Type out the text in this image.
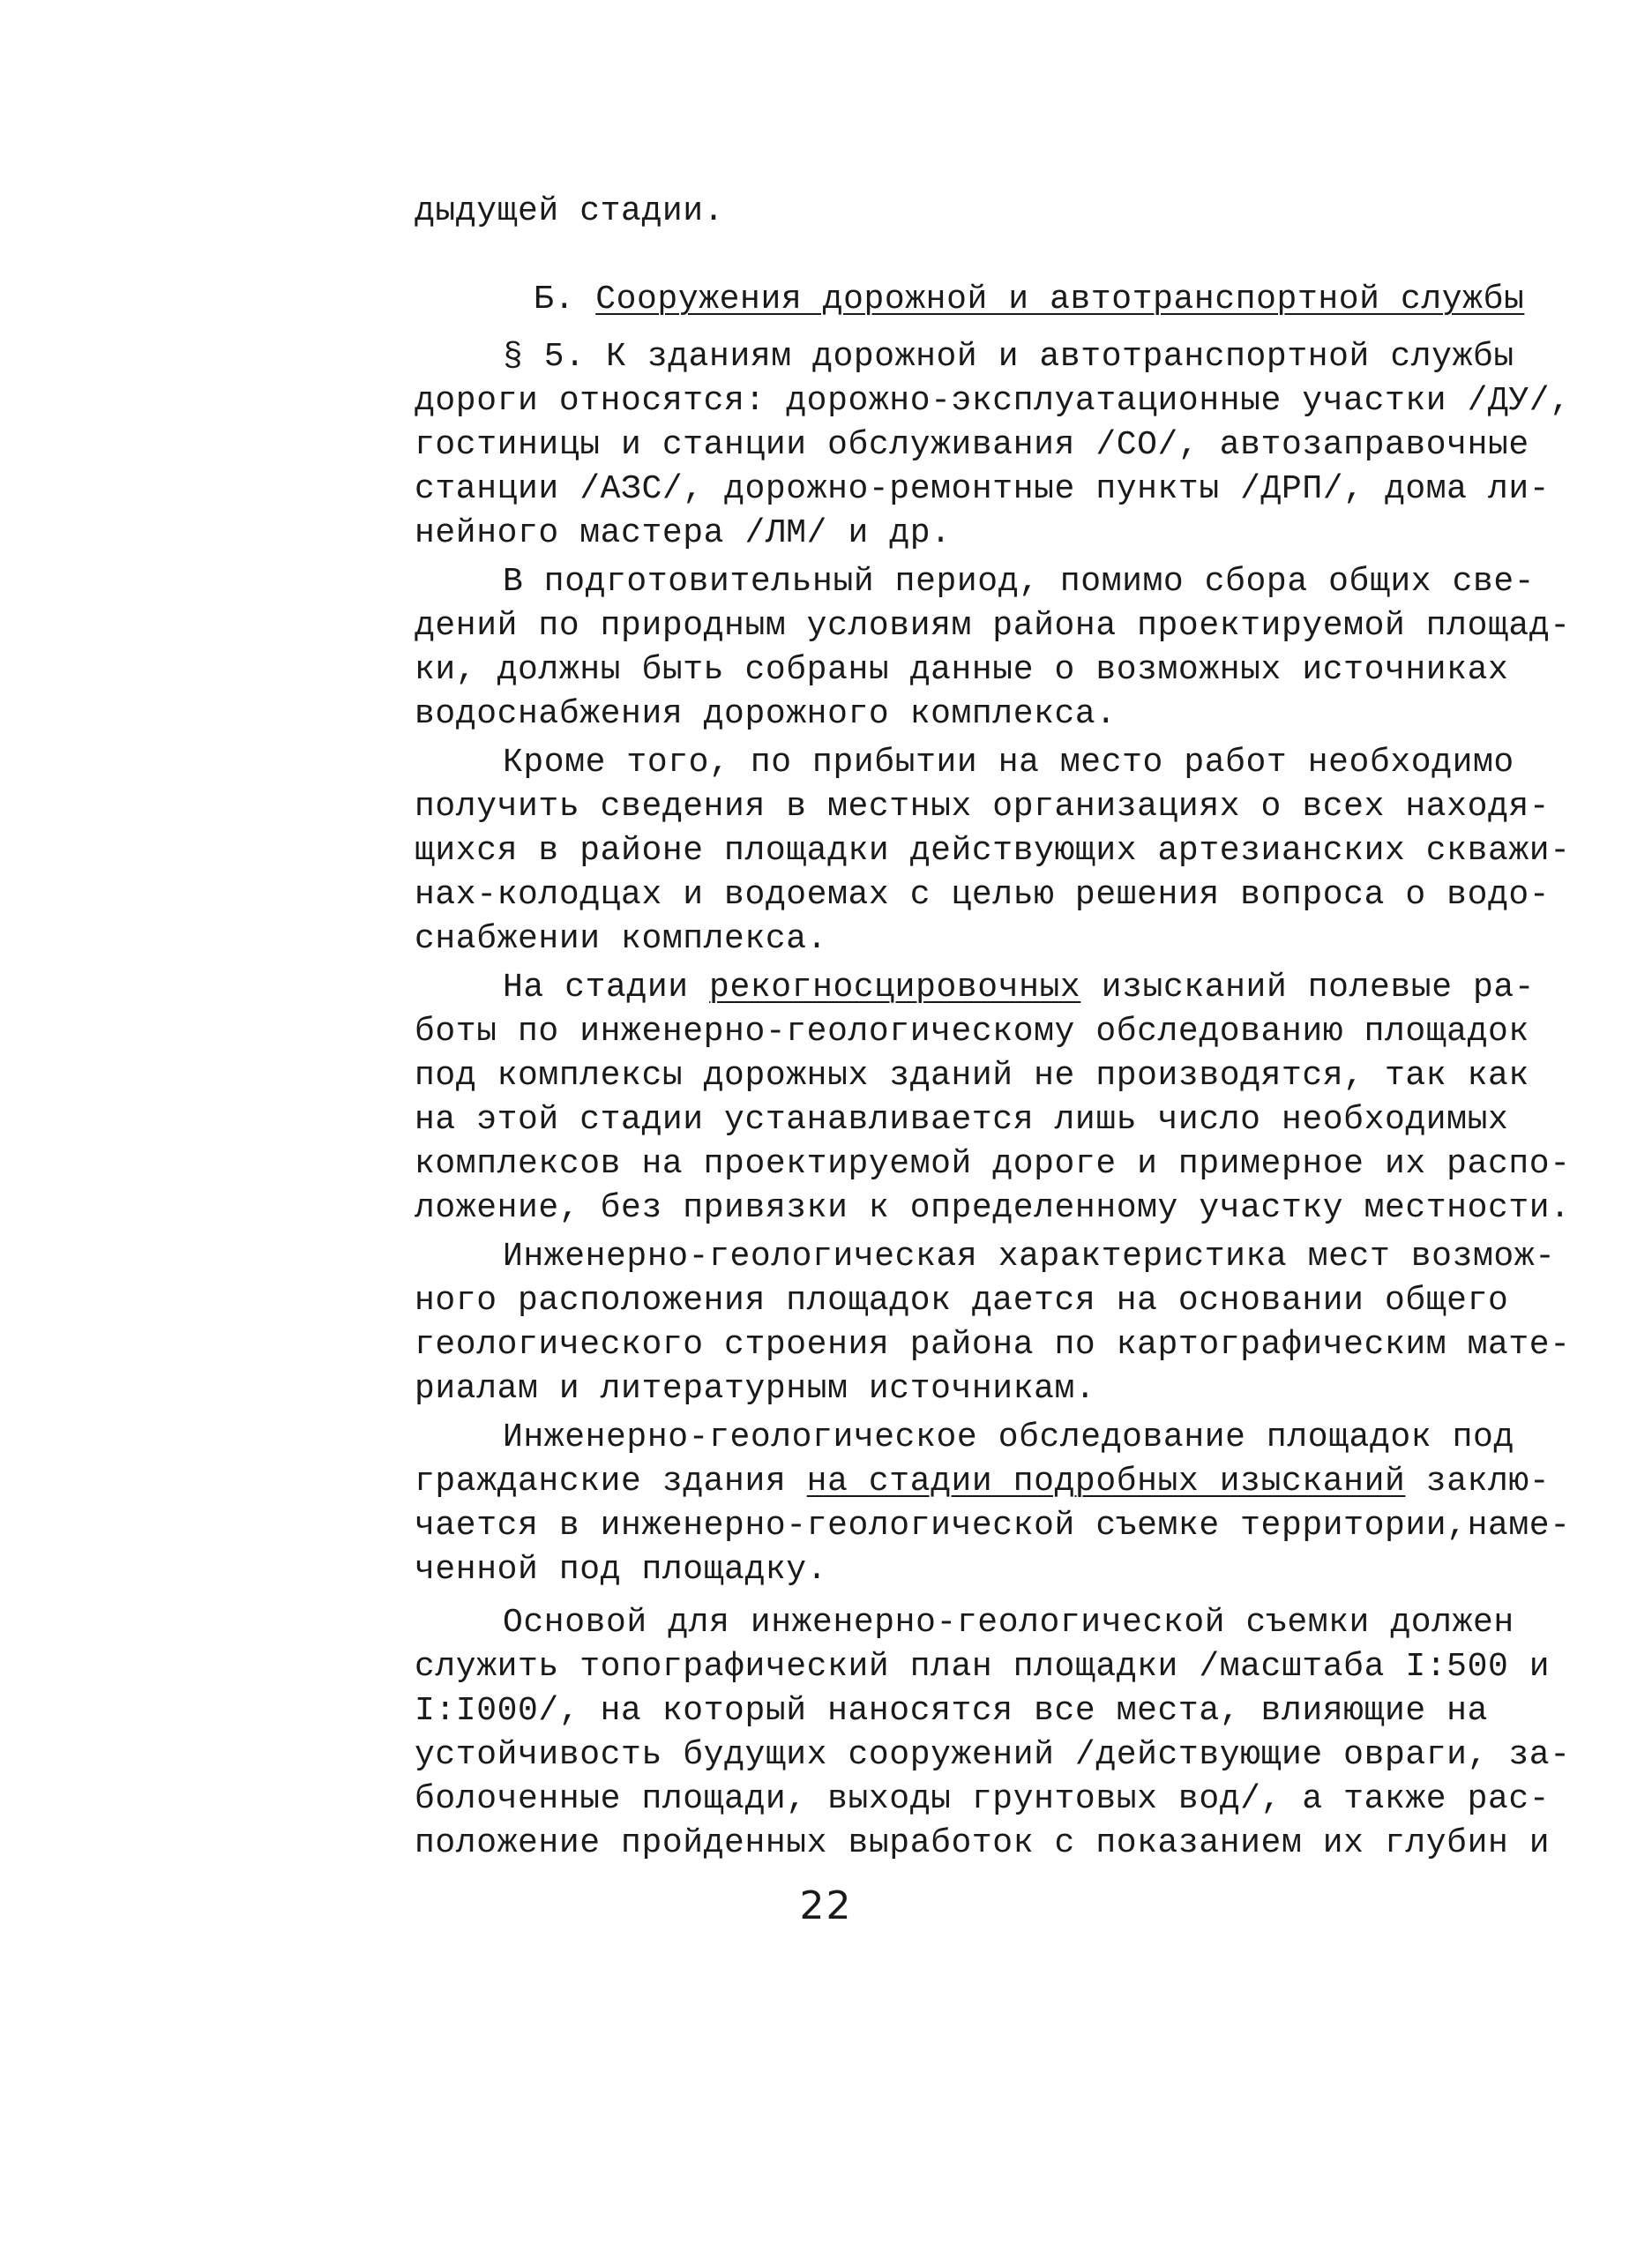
дыдущей стадии.
Б. Сооружения дорожной и автотранспортной службы
§ 5. К зданиям дорожной и автотранспортной службы
дороги относятся: дорожно-эксплуатационные участки /ДУ/,
гостиницы и станции обслуживания /СО/, автозаправочные
станции /АЗС/, дорожно-ремонтные пункты /ДРП/, дома ли-
нейного мастера /ЛМ/ и др.
В подготовительный период, помимо сбора общих све-
дений по природным условиям района проектируемой площад-
ки, должны быть собраны данные о возможных источниках
водоснабжения дорожного комплекса.
Кроме того, по прибытии на место работ необходимо
получить сведения в местных организациях о всех находя-
щихся в районе площадки действующих артезианских скважи-
нах-колодцах и водоемах с целью решения вопроса о водо-
снабжении комплекса.
На стадии рекогносцировочных изысканий полевые ра-
боты по инженерно-геологическому обследованию площадок
под комплексы дорожных зданий не производятся, так как
на этой стадии устанавливается лишь число необходимых
комплексов на проектируемой дороге и примерное их распо-
ложение, без привязки к определенному участку местности.
Инженерно-геологическая характеристика мест возмож-
ного расположения площадок дается на основании общего
геологического строения района по картографическим мате-
риалам и литературным источникам.
Инженерно-геологическое обследование площадок под
гражданские здания на стадии подробных изысканий заклю-
чается в инженерно-геологической съемке территории,наме-
ченной под площадку.
Основой для инженерно-геологической съемки должен
служить топографический план площадки /масштаба I:500 и
I:I000/, на который наносятся все места, влияющие на
устойчивость будущих сооружений /действующие овраги, за-
болоченные площади, выходы грунтовых вод/, а также рас-
положение пройденных выработок с показанием их глубин и
22
